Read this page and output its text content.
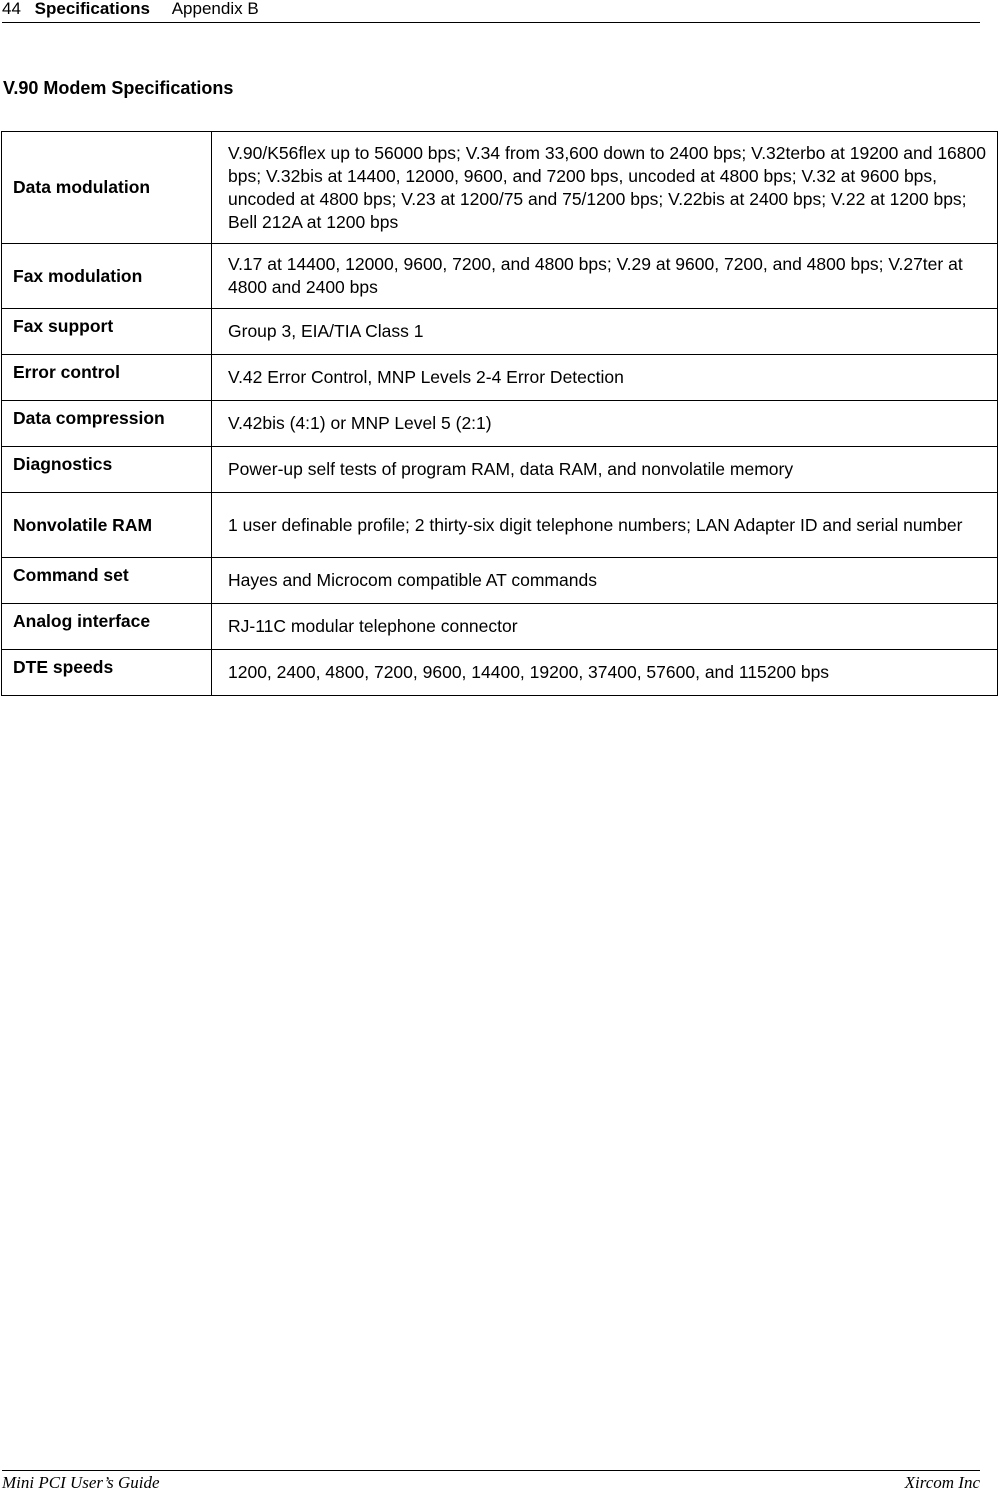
44 Specifications Appendix B
V.90 Modem Specifications
Data modulation	V.90/K56flex up to 56000 bps; V.34 from 33,600 down to 2400 bps; V.32terbo at 19200 and 16800 bps; V.32bis at 14400, 12000, 9600, and 7200 bps, uncoded at 4800 bps; V.32 at 9600 bps, uncoded at 4800 bps; V.23 at 1200/75 and 75/1200 bps; V.22bis at 2400 bps; V.22 at 1200 bps; Bell 212A at 1200 bps
Fax modulation	V.17 at 14400, 12000, 9600, 7200, and 4800 bps; V.29 at 9600, 7200, and 4800 bps; V.27ter at 4800 and 2400 bps
Fax support	Group 3, EIA/TIA Class 1
Error control	V.42 Error Control, MNP Levels 2-4 Error Detection
Data compression	V.42bis (4:1) or MNP Level 5 (2:1)
Diagnostics	Power-up self tests of program RAM, data RAM, and nonvolatile memory
Nonvolatile RAM	1 user definable profile; 2 thirty-six digit telephone numbers; LAN Adapter ID and serial number
Command set	Hayes and Microcom compatible AT commands
Analog interface	RJ-11C modular telephone connector
DTE speeds	1200, 2400, 4800, 7200, 9600, 14400, 19200, 37400, 57600, and 115200 bps
Mini PCI User’s Guide	Xircom Inc
